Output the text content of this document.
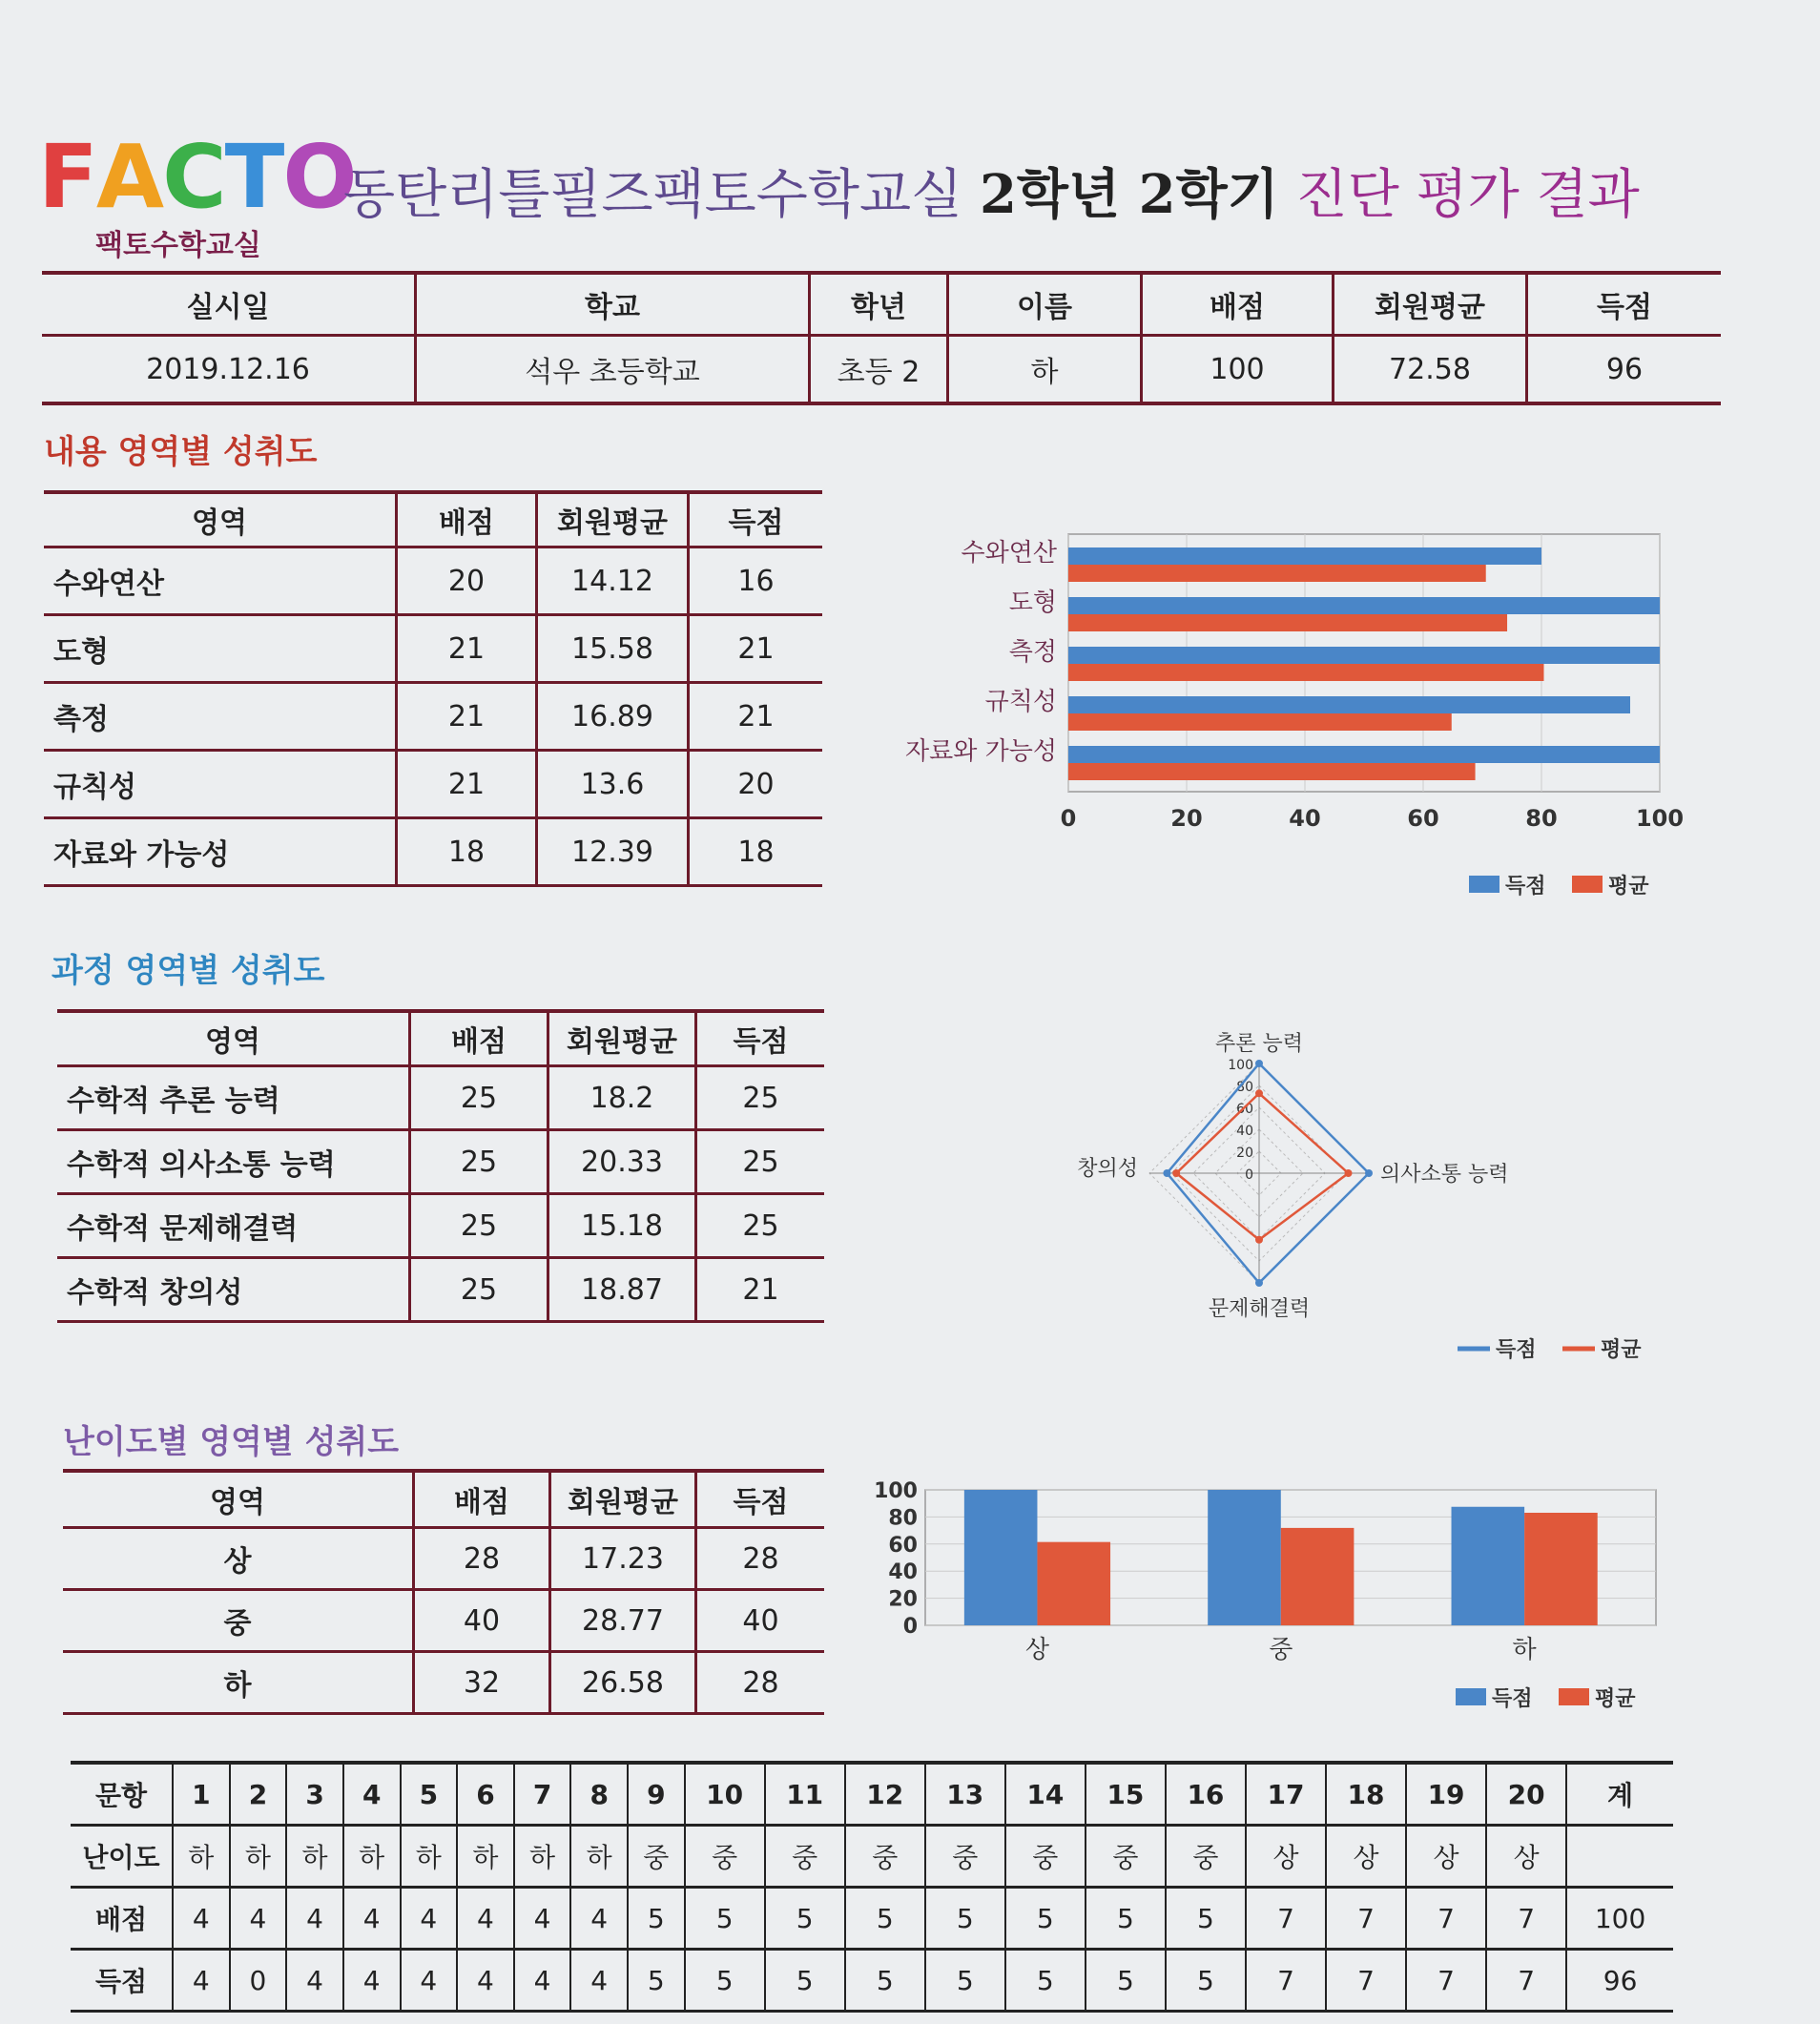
FACTO
팩토수학교실
동탄리틀필즈팩토수학교실 2학년 2학기 진단 평가 결과
실시일	학교	학년	이름	배점	회원평균	득점
2019.12.16	석우 초등학교	초등 2	하	100	72.58	96
내용 영역별 성취도
영역	배점	회원평균	득점
수와연산	20	14.12	16
도형	21	15.58	21
측정	21	16.89	21
규칙성	21	13.6	20
자료와 가능성	18	12.39	18
0	20	40	60	80	100
수와연산
도형
측정
규칙성
자료와 가능성
득점	평균
과정 영역별 성취도
영역	배점	회원평균	득점
수학적 추론 능력	25	18.2	25
수학적 의사소통 능력	25	20.33	25
수학적 문제해결력	25	15.18	25
수학적 창의성	25	18.87	21
0
20
40
60
80
100
추론 능력
의사소통 능력
문제해결력
창의성
득점	평균
난이도별 영역별 성취도
영역	배점	회원평균	득점
상	28	17.23	28
중	40	28.77	40
하	32	26.58	28
0
20
40
60
80
100
상	중	하
득점	평균
문항	1	2	3	4	5	6	7	8	9	10	11	12	13	14	15	16	17	18	19	20	계
난이도	하	하	하	하	하	하	하	하	중	중	중	중	중	중	중	중	상	상	상	상	
배점	4	4	4	4	4	4	4	4	5	5	5	5	5	5	5	5	7	7	7	7	100
득점	4	0	4	4	4	4	4	4	5	5	5	5	5	5	5	5	7	7	7	7	96
